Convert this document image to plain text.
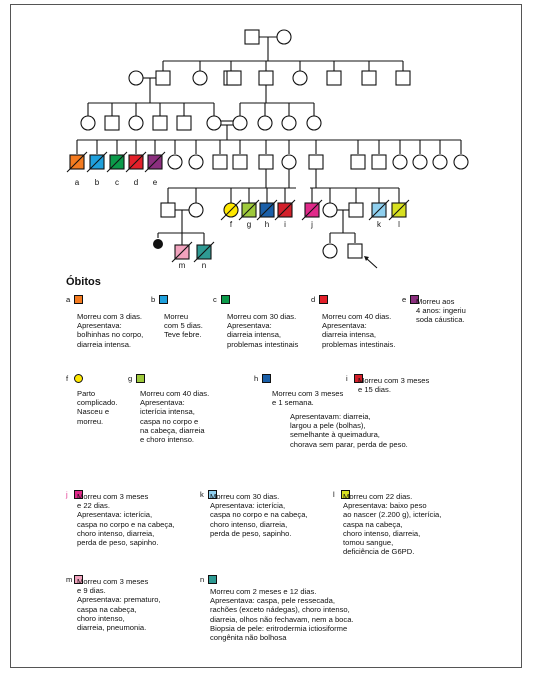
a b c d e
f g h i	j	k l
m n
Óbitos
a
Morreu com 3 dias.
Apresentava:
bolhinhas no corpo,
diarreia intensa.
b
Morreu
com 5 dias.
Teve febre.
c
Morreu com 30 dias.
Apresentava:
diarreia intensa,
problemas intestinais
d
Morreu com 40 dias.
Apresentava:
diarreia intensa,
problemas intestinais.
e Morreu aos
4 anos: ingeriu
soda cáustica.
f
Parto
complicado.
Nasceu e
morreu.
g
Morreu com 40 dias.
Apresentava:
icterícia intensa,
caspa no corpo e
na cabeça, diarreia
e choro intenso.
h
Morreu com 3 meses
e 1 semana.
i Morreu com 3 meses
e 15 dias.
Apresentavam: diarreia,
largou a pele (bolhas),
semelhante à queimadura,
chorava sem parar, perda de peso.
j Morreu com 3 meses
e 22 dias.
Apresentava: icterícia,
caspa no corpo e na cabeça,
choro intenso, diarreia,
perda de peso, sapinho.
k Morreu com 30 dias.
Apresentava: icterícia,
caspa no corpo e na cabeça,
choro intenso, diarreia,
perda de peso, sapinho.
l Morreu com 22 dias.
Apresentava: baixo peso
ao nascer (2.200 g), icterícia,
caspa na cabeça,
choro intenso, diarreia,
tomou sangue,
deficiência de G6PD.
m Morreu com 3 meses
e 9 dias.
Apresentava: prematuro,
caspa na cabeça,
choro intenso,
diarreia, pneumonia.
n
Morreu com 2 meses e 12 dias.
Apresentava: caspa, pele ressecada,
rachões (exceto nádegas), choro intenso,
diarreia, olhos não fechavam, nem a boca.
Biopsia de pele: eritrodermia ictiosiforme
congênita não bolhosa
